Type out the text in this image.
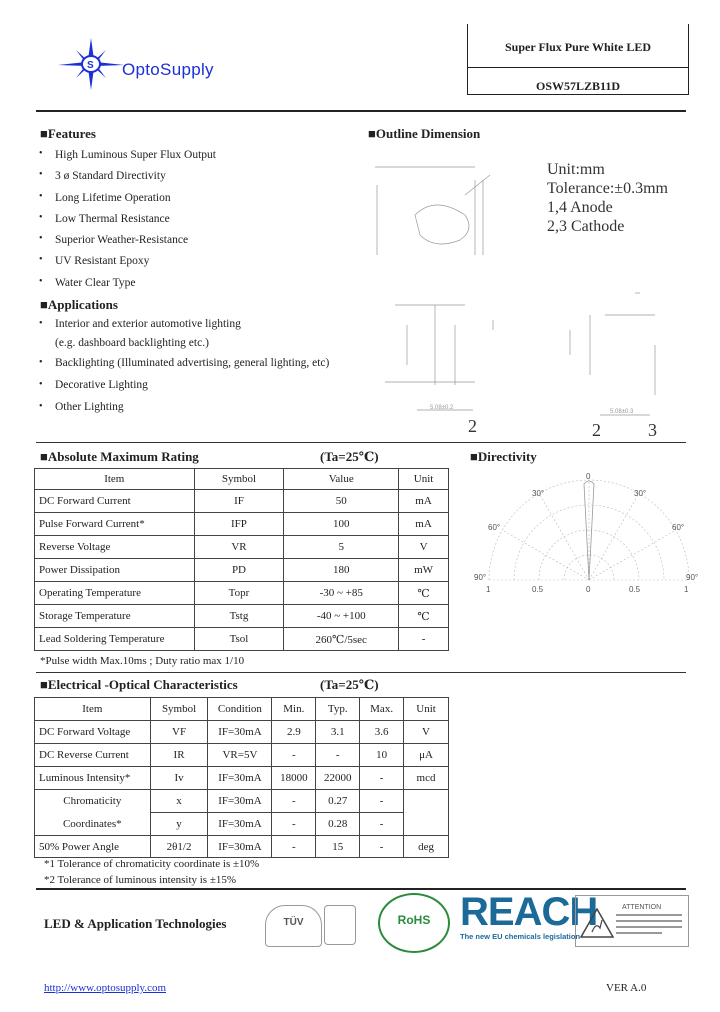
S OptoSupply
Super Flux Pure White LED
OSW57LZB11D
■Features
• High Luminous Super Flux Output
• 3 ø Standard Directivity
• Long Lifetime Operation
• Low Thermal Resistance
• Superior Weather-Resistance
• UV Resistant Epoxy
• Water Clear Type
■Applications
• Interior and exterior automotive lighting
(e.g. dashboard backlighting etc.)
• Backlighting (Illuminated advertising, general lighting, etc)
• Decorative Lighting
• Other Lighting
■Outline Dimension
5.08±0.2
5.08±0.3
Unit:mm
Tolerance:±0.3mm
1,4 Anode
2,3 Cathode
2	2	3
■Absolute Maximum Rating	(Ta=25℃)
Item	Symbol	Value	Unit
DC Forward Current	IF	50	mA
Pulse Forward Current*	IFP	100	mA
Reverse Voltage	VR	5	V
Power Dissipation	PD	180	mW
Operating Temperature	Topr	-30 ~ +85	℃
Storage Temperature	Tstg	-40 ~ +100	℃
Lead Soldering Temperature	Tsol	260℃/5sec	-
*Pulse width Max.10ms ; Duty ratio max 1/10
■Directivity
0
30°	30°
60°	60°
90°	90°
1	0.5	0	0.5	1
■Electrical -Optical Characteristics	(Ta=25℃)
Item	Symbol	Condition	Min.	Typ.	Max.	Unit
DC Forward Voltage	VF	IF=30mA	2.9	3.1	3.6	V
DC Reverse Current	IR	VR=5V	-	-	10	μA
Luminous Intensity*	Iv	IF=30mA	18000	22000	-	mcd
Chromaticity	x	IF=30mA	-	0.27	-	
Coordinates*	y	IF=30mA	-	0.28	-	
50% Power Angle	2θ1/2	IF=30mA	-	15	-	deg
*1 Tolerance of chromaticity coordinate is ±10%
*2 Tolerance of luminous intensity is ±15%
LED & Application Technologies	TÜV	RoHS REACH
The new EU chemicals legislation
ATTENTION
http://www.optosupply.com	VER A.0
